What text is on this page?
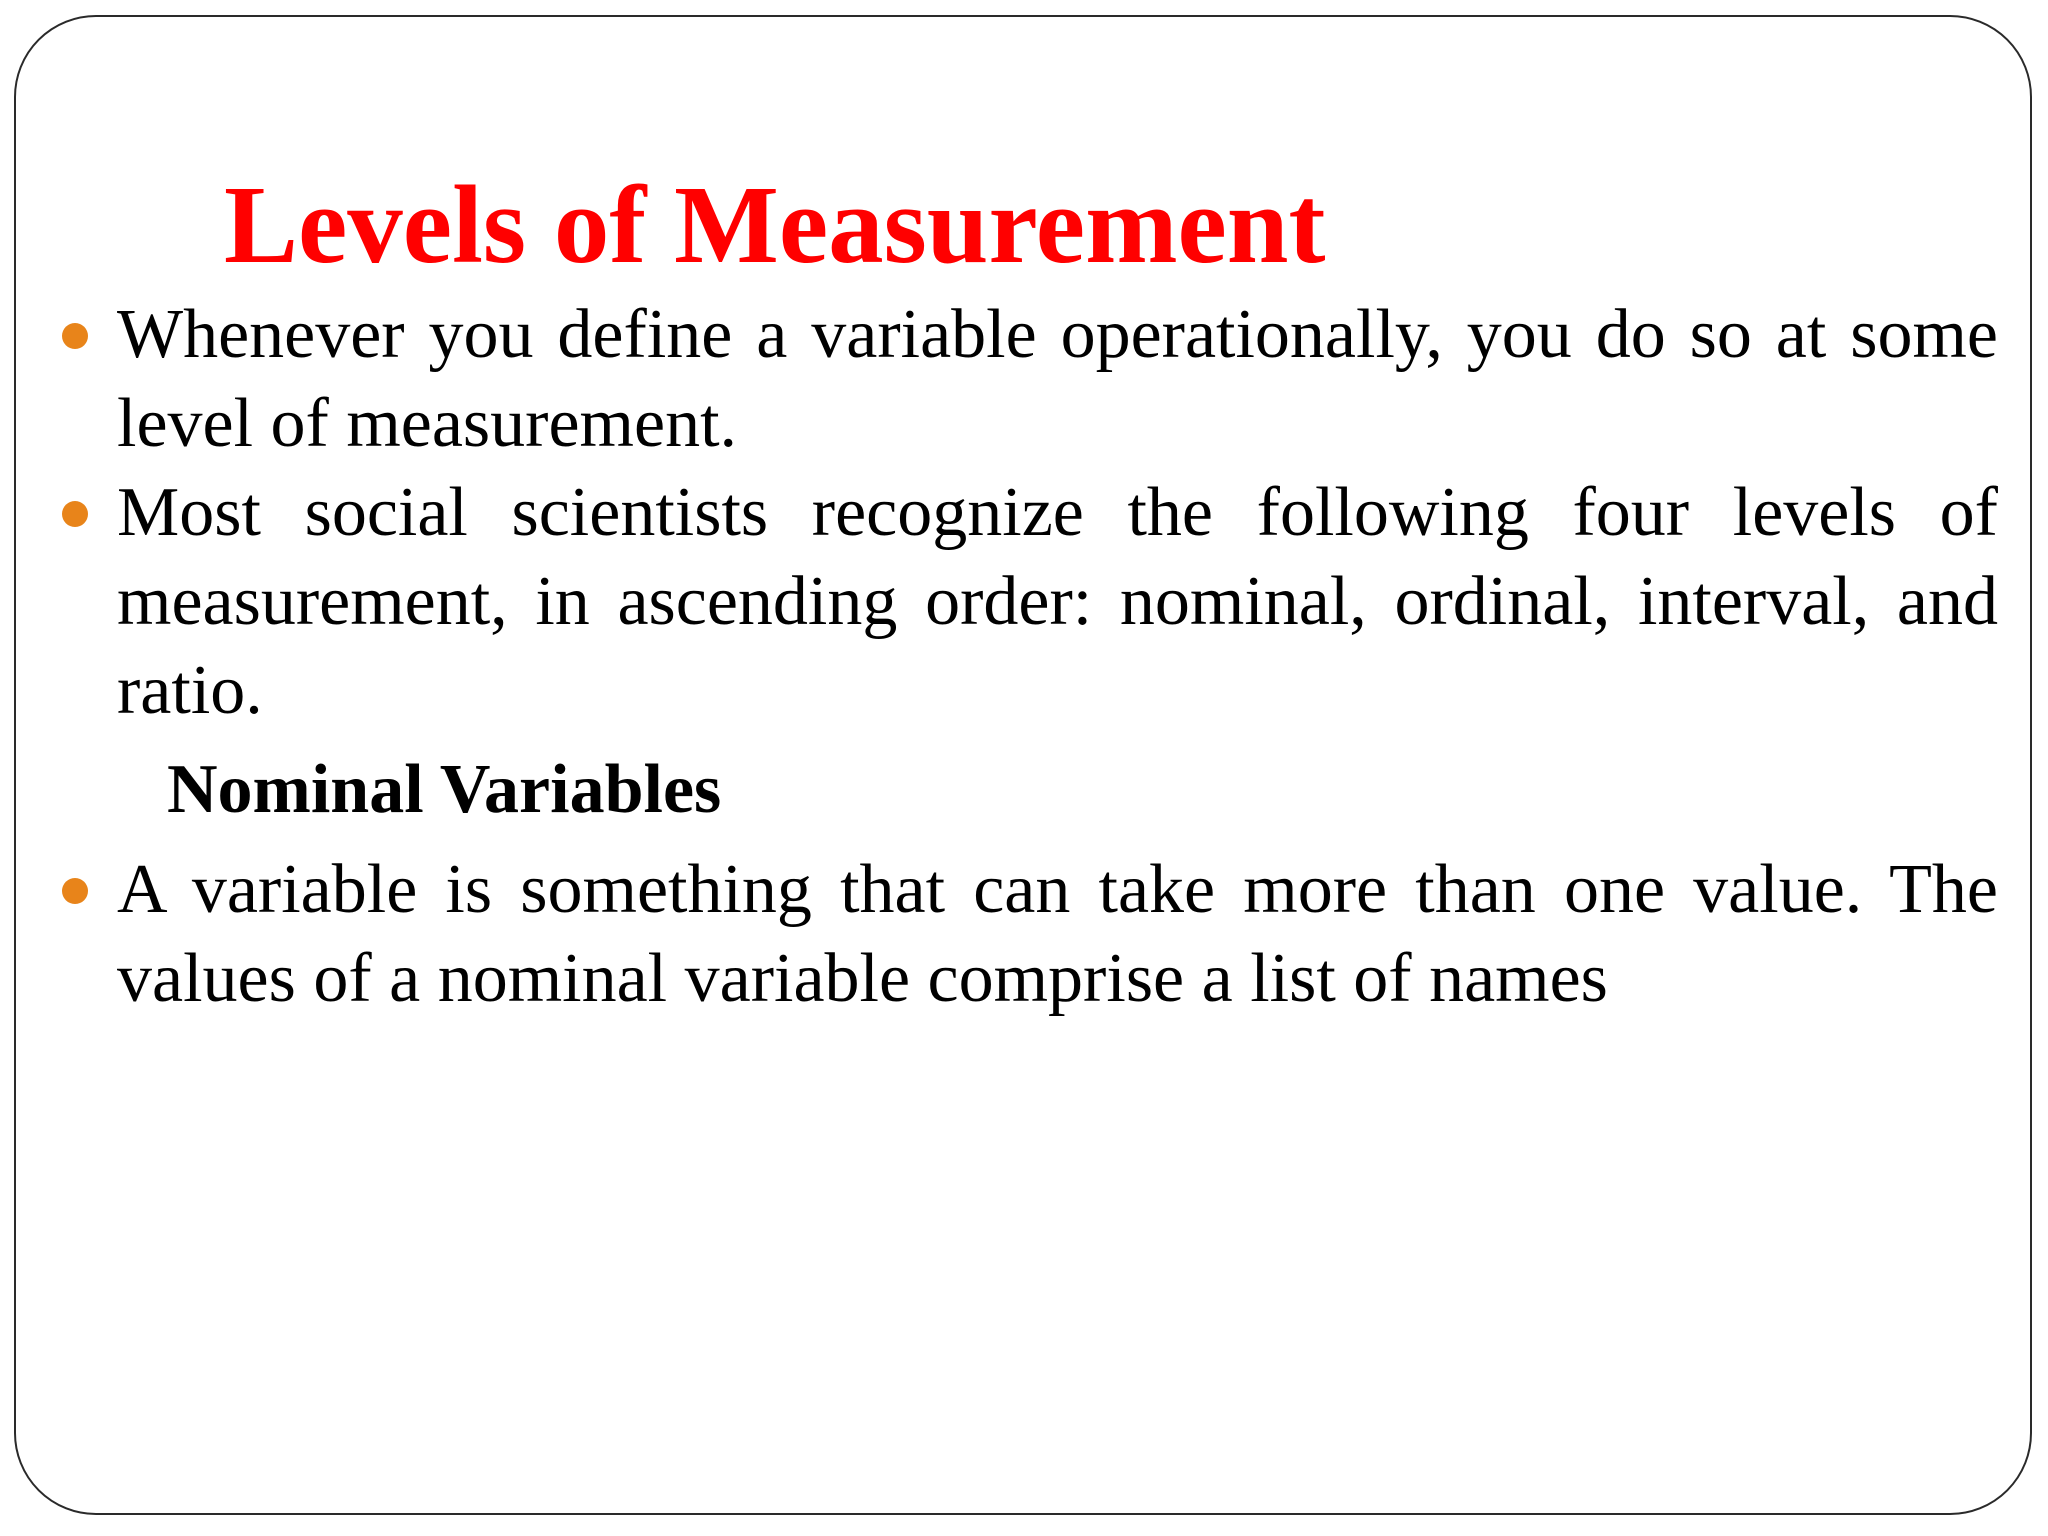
Levels of Measurement
Whenever you define a variable operationally, you do so at some level of measurement.
Most social scientists recognize the following four levels of measurement, in ascending order: nominal, ordinal, interval, and ratio.
Nominal Variables
A variable is something that can take more than one value. The values of a nominal variable comprise a list of names
